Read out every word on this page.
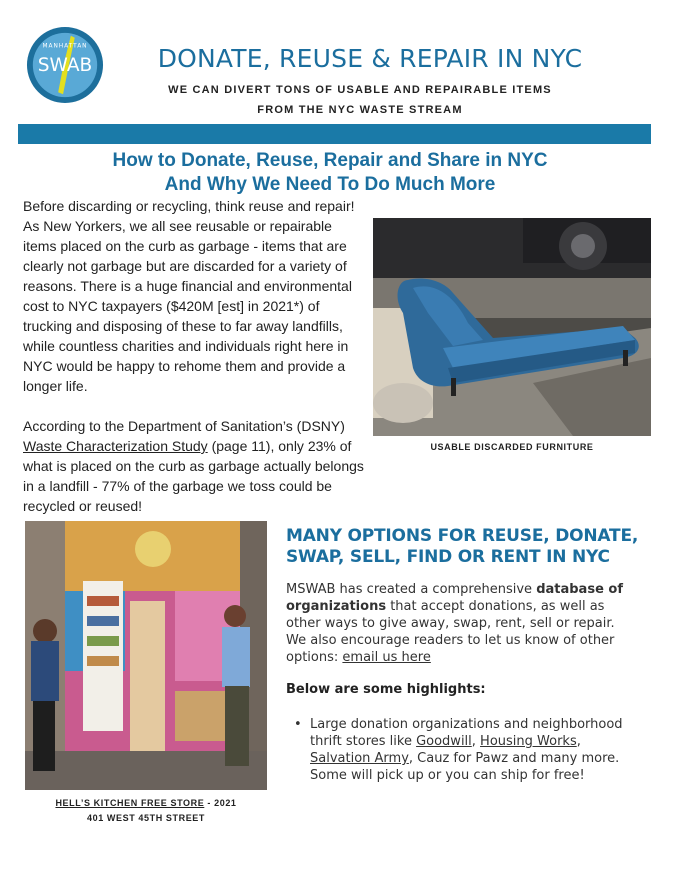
MANHATTAN
SWAB	DONATE, REUSE & REPAIR IN NYC
WE CAN DIVERT TONS OF USABLE AND REPAIRABLE ITEMS
FROM THE NYC WASTE STREAM
How to Donate, Reuse, Repair and Share in NYC
And Why We Need To Do Much More

Before discarding or recycling, think reuse and repair! As New Yorkers, we all see reusable or repairable items placed on the curb as garbage - items that are clearly not garbage but are discarded for a variety of reasons. There is a huge financial and environmental cost to NYC taxpayers ($420M [est] in 2021*) of trucking and disposing of these to far away landfills, while countless charities and individuals right here in NYC would be happy to rehome them and provide a longer life.

According to the Department of Sanitation’s (DSNY) Waste Characterization Study (page 11), only 23% of what is placed on the curb as garbage actually belongs in a landfill - 77% of the garbage we toss could be recycled or reused!

USABLE DISCARDED FURNITURE
HELL’S KITCHEN FREE STORE - 2021
401 WEST 45TH STREET
MANY OPTIONS FOR REUSE, DONATE,
SWAP, SELL, FIND OR RENT IN NYC

MSWAB has created a comprehensive database of organizations that accept donations, as well as other ways to give away, swap, rent, sell or repair. We also encourage readers to let us know of other options: email us here

Below are some highlights:
• Large donation organizations and neighborhood thrift stores like Goodwill, Housing Works, Salvation Army, Cauz for Pawz and many more. Some will pick up or you can ship for free!
